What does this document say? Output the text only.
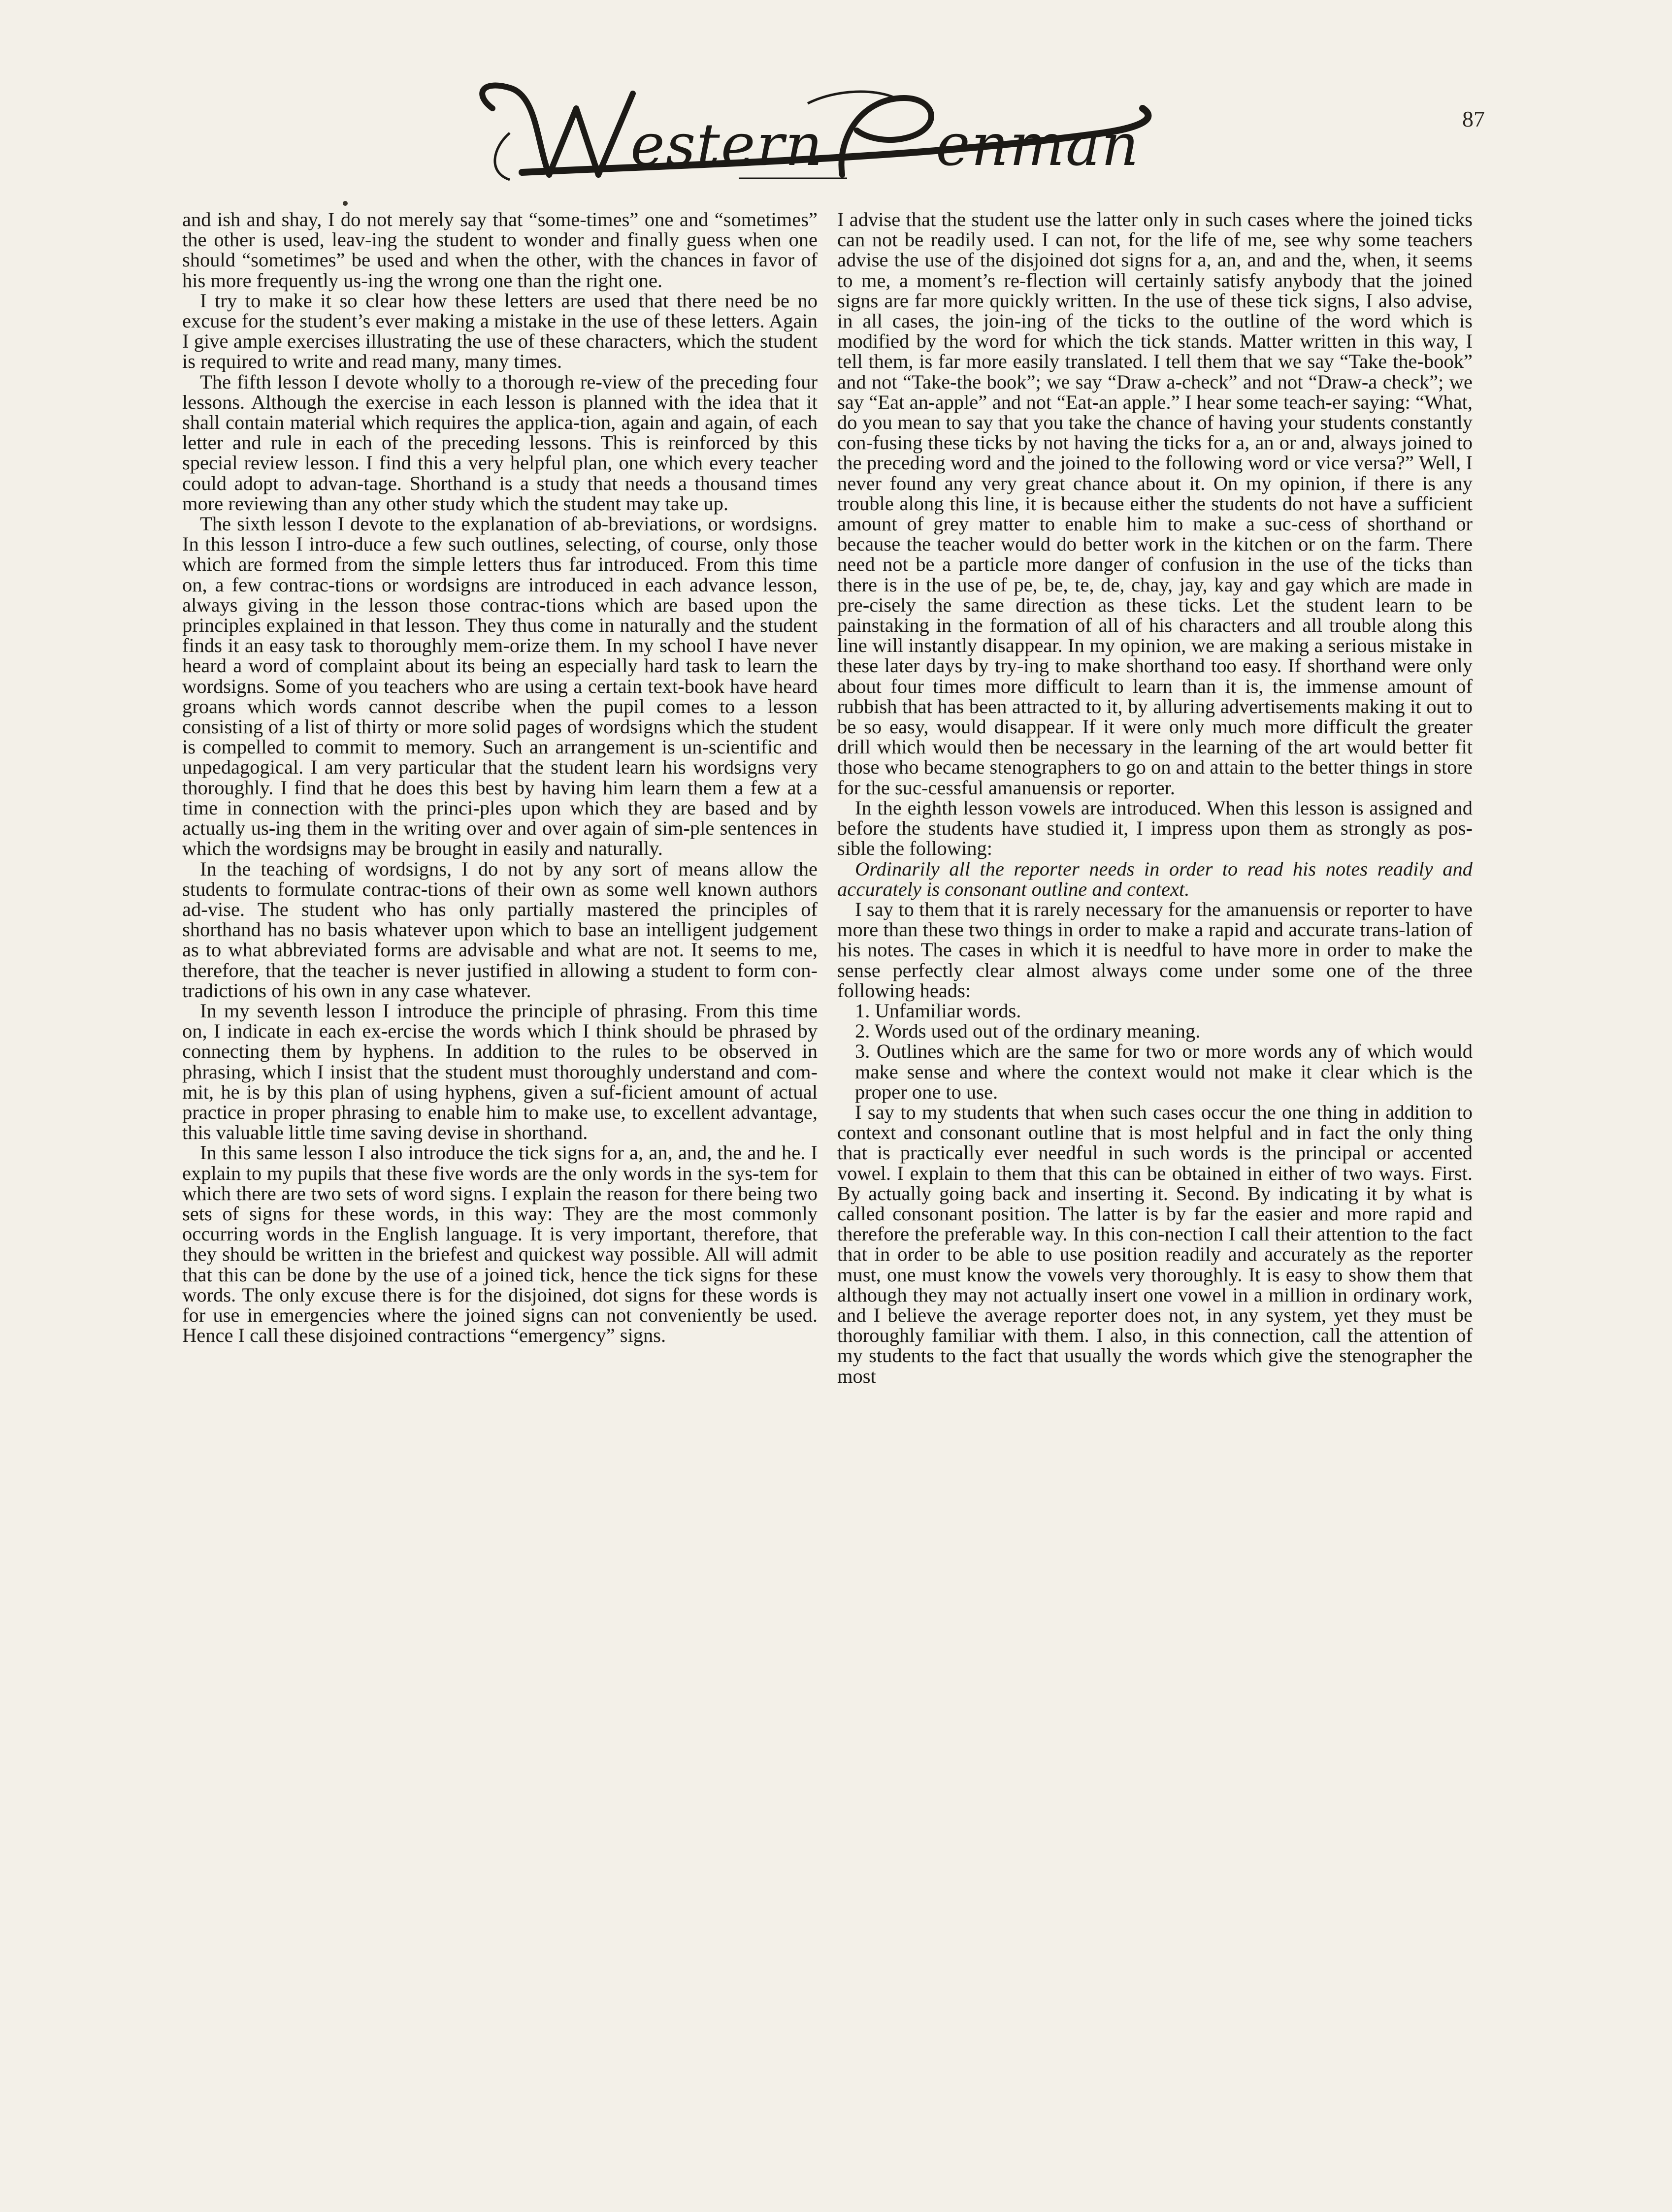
estern enman	87

and ish and shay, I do not merely say that “some-times” one and “sometimes” the other is used, leav-ing the student to wonder and finally guess when one should “sometimes” be used and when the other, with the chances in favor of his more frequently us-ing the wrong one than the right one.

I try to make it so clear how these letters are used that there need be no excuse for the student’s ever making a mistake in the use of these letters. Again I give ample exercises illustrating the use of these characters, which the student is required to write and read many, many times.

The fifth lesson I devote wholly to a thorough re-view of the preceding four lessons. Although the exercise in each lesson is planned with the idea that it shall contain material which requires the applica-tion, again and again, of each letter and rule in each of the preceding lessons. This is reinforced by this special review lesson. I find this a very helpful plan, one which every teacher could adopt to advan-tage. Shorthand is a study that needs a thousand times more reviewing than any other study which the student may take up.

The sixth lesson I devote to the explanation of ab-breviations, or wordsigns. In this lesson I intro-duce a few such outlines, selecting, of course, only those which are formed from the simple letters thus far introduced. From this time on, a few contrac-tions or wordsigns are introduced in each advance lesson, always giving in the lesson those contrac-tions which are based upon the principles explained in that lesson. They thus come in naturally and the student finds it an easy task to thoroughly mem-orize them. In my school I have never heard a word of complaint about its being an especially hard task to learn the wordsigns. Some of you teachers who are using a certain text-book have heard groans which words cannot describe when the pupil comes to a lesson consisting of a list of thirty or more solid pages of wordsigns which the student is compelled to commit to memory. Such an arrangement is un-scientific and unpedagogical. I am very particular that the student learn his wordsigns very thoroughly. I find that he does this best by having him learn them a few at a time in connection with the princi-ples upon which they are based and by actually us-ing them in the writing over and over again of sim-ple sentences in which the wordsigns may be brought in easily and naturally.

In the teaching of wordsigns, I do not by any sort of means allow the students to formulate contrac-tions of their own as some well known authors ad-vise. The student who has only partially mastered the principles of shorthand has no basis whatever upon which to base an intelligent judgement as to what abbreviated forms are advisable and what are not. It seems to me, therefore, that the teacher is never justified in allowing a student to form con-tradictions of his own in any case whatever.

In my seventh lesson I introduce the principle of phrasing. From this time on, I indicate in each ex-ercise the words which I think should be phrased by connecting them by hyphens. In addition to the rules to be observed in phrasing, which I insist that the student must thoroughly understand and com-mit, he is by this plan of using hyphens, given a suf-ficient amount of actual practice in proper phrasing to enable him to make use, to excellent advantage, this valuable little time saving devise in shorthand.

In this same lesson I also introduce the tick signs for a, an, and, the and he. I explain to my pupils that these five words are the only words in the sys-tem for which there are two sets of word signs. I explain the reason for there being two sets of signs for these words, in this way: They are the most commonly occurring words in the English language. It is very important, therefore, that they should be written in the briefest and quickest way possible. All will admit that this can be done by the use of a joined tick, hence the tick signs for these words. The only excuse there is for the disjoined, dot signs for these words is for use in emergencies where the joined signs can not conveniently be used. Hence I call these disjoined contractions “emergency” signs.

I advise that the student use the latter only in such cases where the joined ticks can not be readily used. I can not, for the life of me, see why some teachers advise the use of the disjoined dot signs for a, an, and and the, when, it seems to me, a moment’s re-flection will certainly satisfy anybody that the joined signs are far more quickly written. In the use of these tick signs, I also advise, in all cases, the join-ing of the ticks to the outline of the word which is modified by the word for which the tick stands. Matter written in this way, I tell them, is far more easily translated. I tell them that we say “Take the-book” and not “Take-the book”; we say “Draw a-check” and not “Draw-a check”; we say “Eat an-apple” and not “Eat-an apple.” I hear some teach-er saying: “What, do you mean to say that you take the chance of having your students constantly con-fusing these ticks by not having the ticks for a, an or and, always joined to the preceding word and the joined to the following word or vice versa?” Well, I never found any very great chance about it. On my opinion, if there is any trouble along this line, it is because either the students do not have a sufficient amount of grey matter to enable him to make a suc-cess of shorthand or because the teacher would do better work in the kitchen or on the farm. There need not be a particle more danger of confusion in the use of the ticks than there is in the use of pe, be, te, de, chay, jay, kay and gay which are made in pre-cisely the same direction as these ticks. Let the student learn to be painstaking in the formation of all of his characters and all trouble along this line will instantly disappear. In my opinion, we are making a serious mistake in these later days by try-ing to make shorthand too easy. If shorthand were only about four times more difficult to learn than it is, the immense amount of rubbish that has been attracted to it, by alluring advertisements making it out to be so easy, would disappear. If it were only much more difficult the greater drill which would then be necessary in the learning of the art would better fit those who became stenographers to go on and attain to the better things in store for the suc-cessful amanuensis or reporter.

In the eighth lesson vowels are introduced. When this lesson is assigned and before the students have studied it, I impress upon them as strongly as pos-sible the following:

Ordinarily all the reporter needs in order to read his notes readily and accurately is consonant outline and context.

I say to them that it is rarely necessary for the amanuensis or reporter to have more than these two things in order to make a rapid and accurate trans-lation of his notes. The cases in which it is needful to have more in order to make the sense perfectly clear almost always come under some one of the three following heads:

1. Unfamiliar words.
2. Words used out of the ordinary meaning.
3. Outlines which are the same for two or more words any of which would make sense and where the context would not make it clear which is the proper one to use.

I say to my students that when such cases occur the one thing in addition to context and consonant outline that is most helpful and in fact the only thing that is practically ever needful in such words is the principal or accented vowel. I explain to them that this can be obtained in either of two ways. First. By actually going back and inserting it. Second. By indicating it by what is called consonant position. The latter is by far the easier and more rapid and therefore the preferable way. In this con-nection I call their attention to the fact that in order to be able to use position readily and accurately as the reporter must, one must know the vowels very thoroughly. It is easy to show them that although they may not actually insert one vowel in a million in ordinary work, and I believe the average reporter does not, in any system, yet they must be thoroughly familiar with them. I also, in this connection, call the attention of my students to the fact that usually the words which give the stenographer the most
